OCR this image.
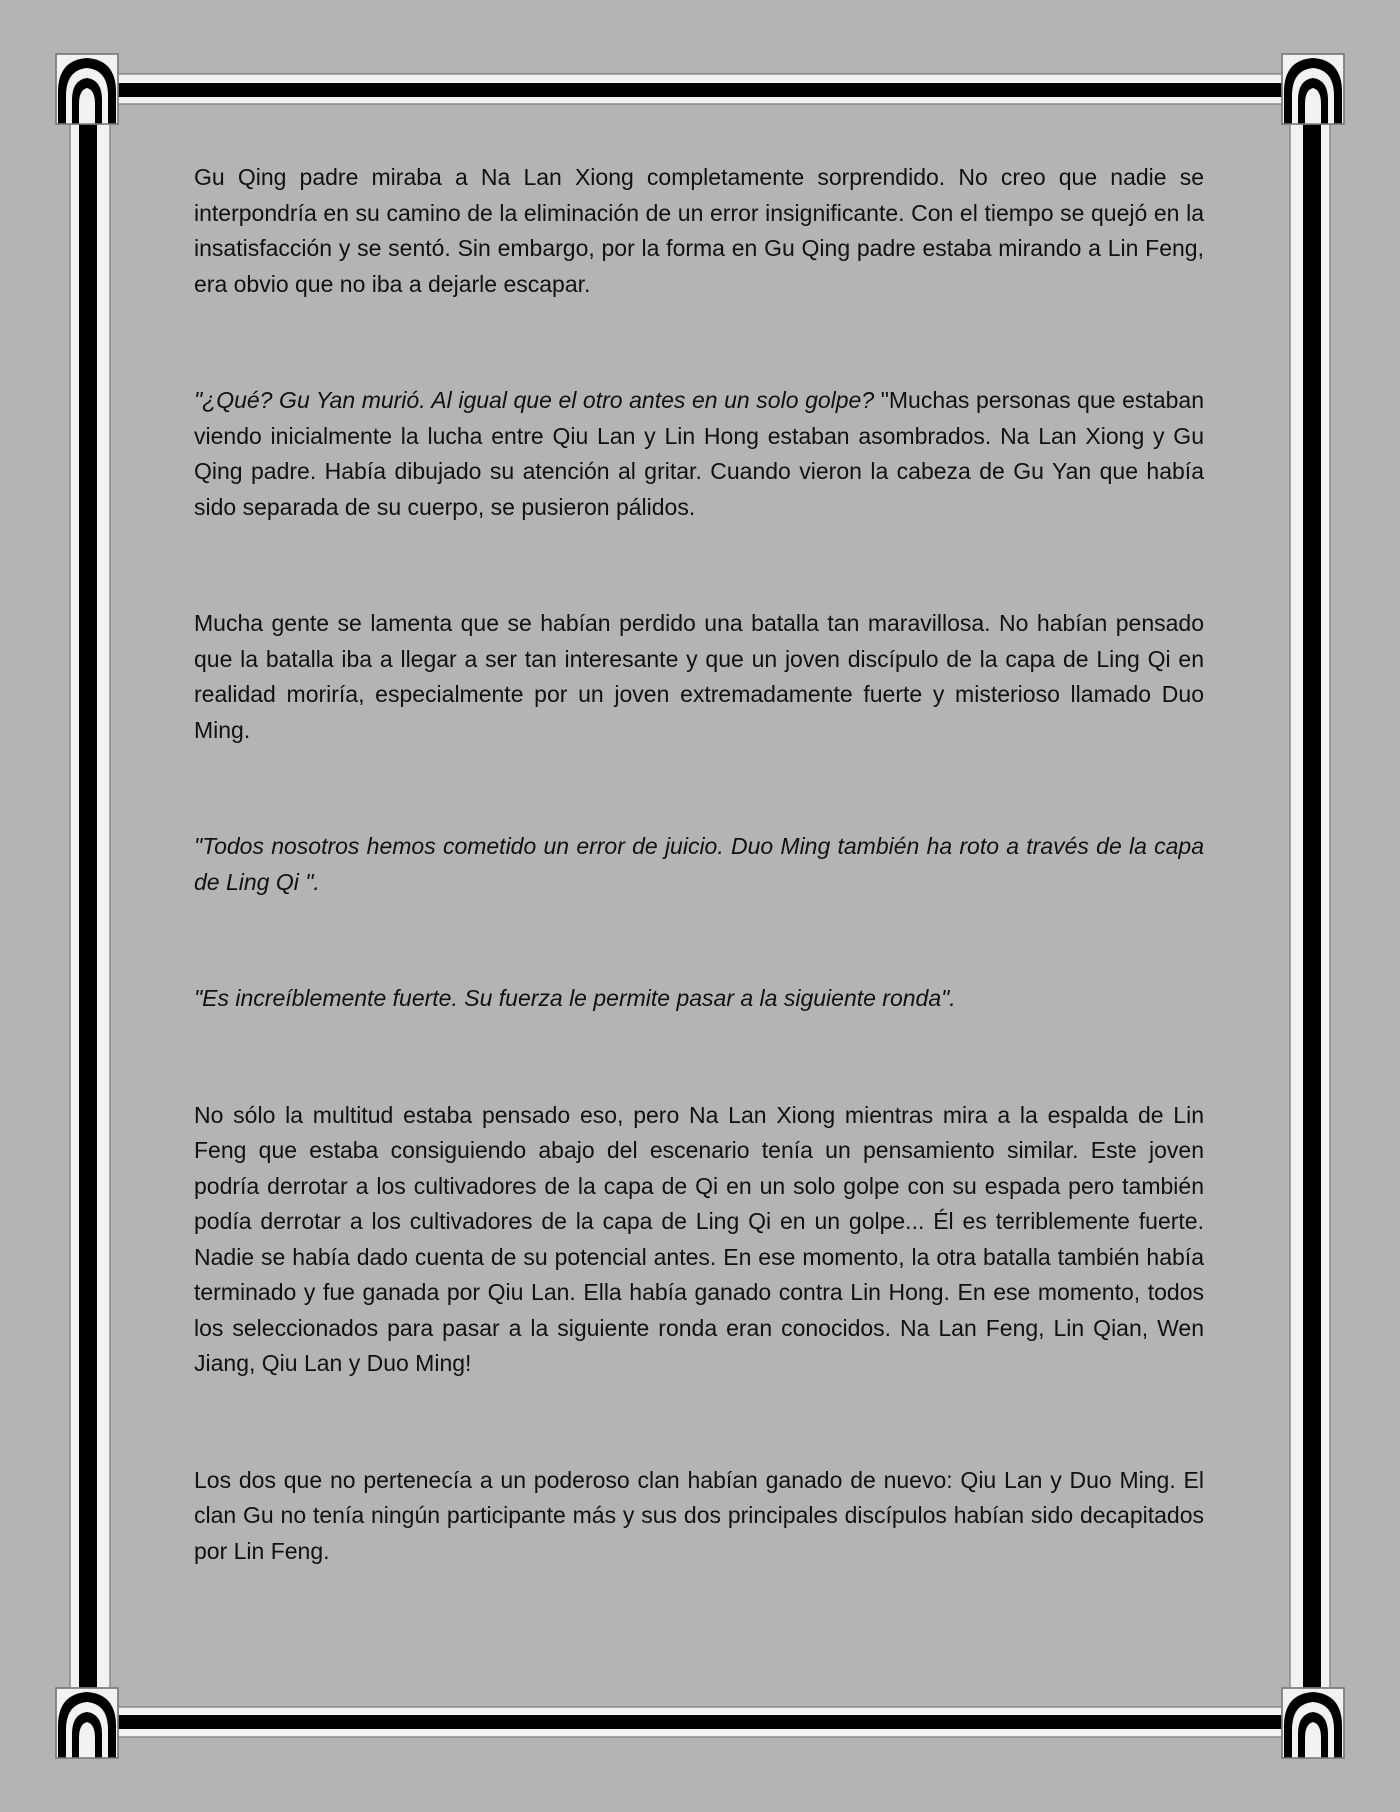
Gu Qing padre miraba a Na Lan Xiong completamente sorprendido. No creo que nadie se interpondría en su camino de la eliminación de un error insignificante. Con el tiempo se quejó en la insatisfacción y se sentó. Sin embargo, por la forma en Gu Qing padre estaba mirando a Lin Feng, era obvio que no iba a dejarle escapar.

"¿Qué? Gu Yan murió. Al igual que el otro antes en un solo golpe? "Muchas personas que estaban viendo inicialmente la lucha entre Qiu Lan y Lin Hong estaban asombrados. Na Lan Xiong y Gu Qing padre. Había dibujado su atención al gritar. Cuando vieron la cabeza de Gu Yan que había sido separada de su cuerpo, se pusieron pálidos.

Mucha gente se lamenta que se habían perdido una batalla tan maravillosa. No habían pensado que la batalla iba a llegar a ser tan interesante y que un joven discípulo de la capa de Ling Qi en realidad moriría, especialmente por un joven extremadamente fuerte y misterioso llamado Duo Ming.

"Todos nosotros hemos cometido un error de juicio. Duo Ming también ha roto a través de la capa de Ling Qi ".

"Es increíblemente fuerte. Su fuerza le permite pasar a la siguiente ronda".

No sólo la multitud estaba pensado eso, pero Na Lan Xiong mientras mira a la espalda de Lin Feng que estaba consiguiendo abajo del escenario tenía un pensamiento similar. Este joven podría derrotar a los cultivadores de la capa de Qi en un solo golpe con su espada pero también podía derrotar a los cultivadores de la capa de Ling Qi en un golpe... Él es terriblemente fuerte. Nadie se había dado cuenta de su potencial antes. En ese momento, la otra batalla también había terminado y fue ganada por Qiu Lan. Ella había ganado contra Lin Hong. En ese momento, todos los seleccionados para pasar a la siguiente ronda eran conocidos. Na Lan Feng, Lin Qian, Wen Jiang, Qiu Lan y Duo Ming!

Los dos que no pertenecía a un poderoso clan habían ganado de nuevo: Qiu Lan y Duo Ming. El clan Gu no tenía ningún participante más y sus dos principales discípulos habían sido decapitados por Lin Feng.
